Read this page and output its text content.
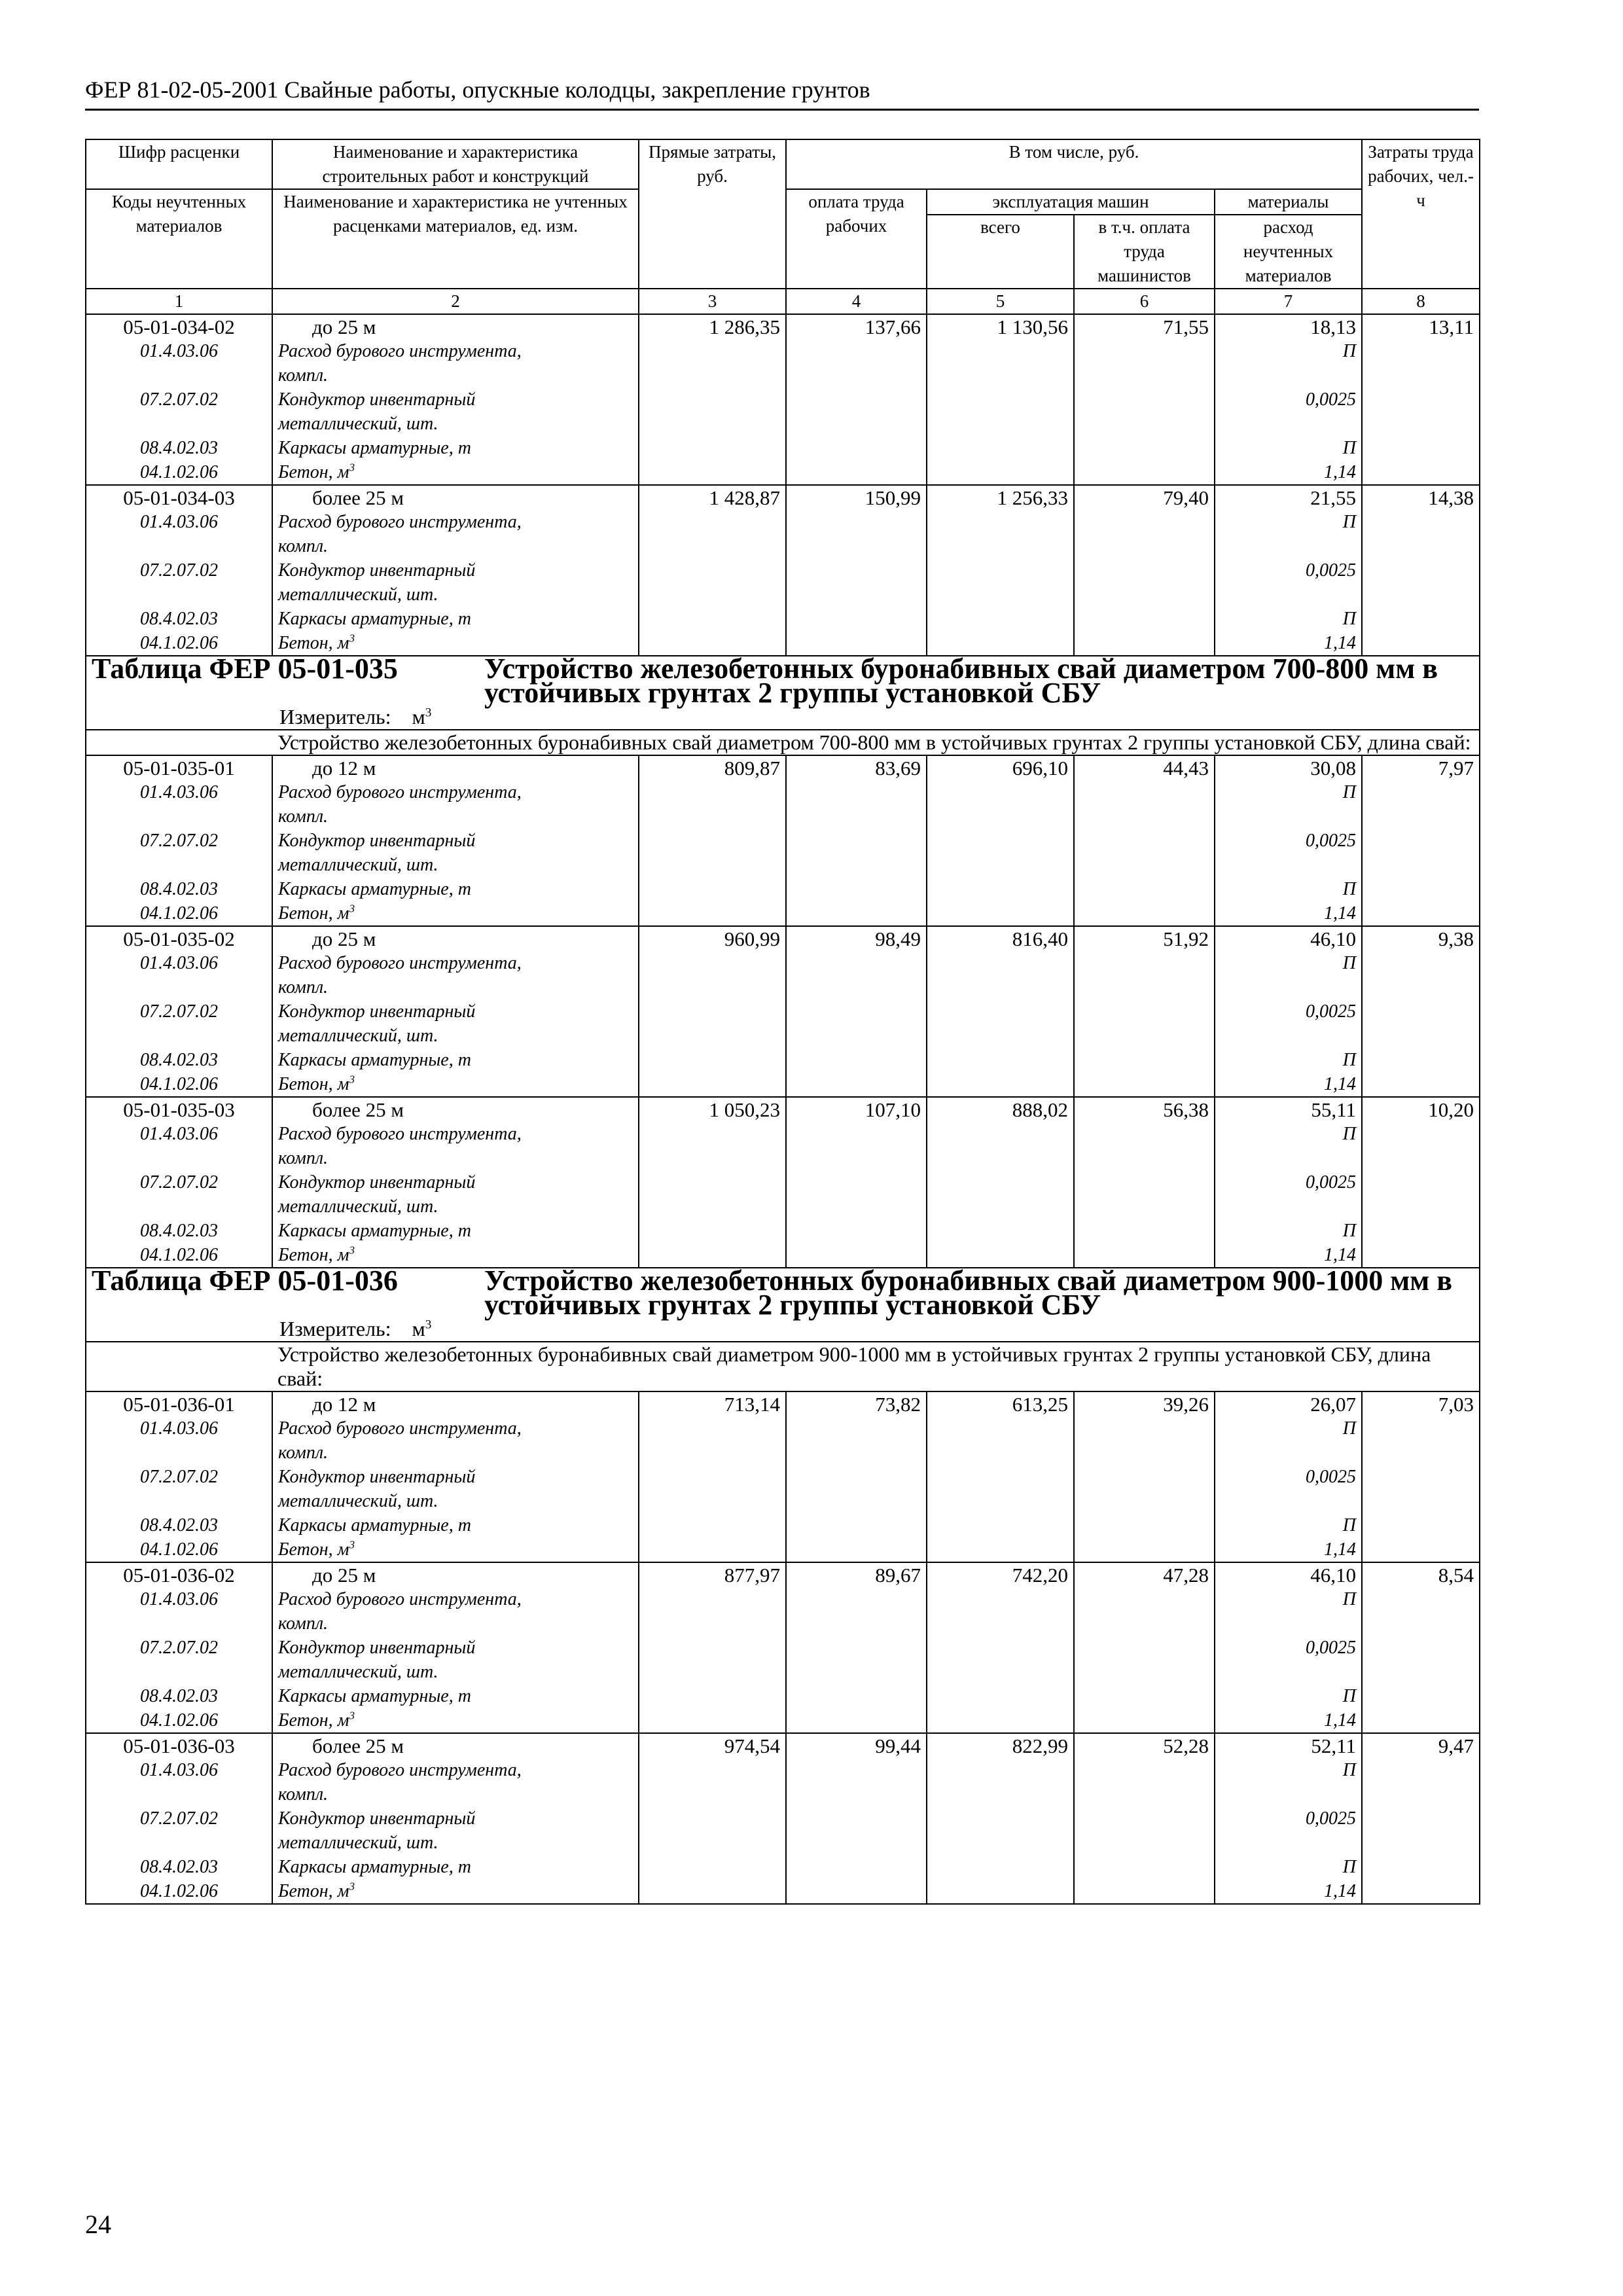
ФЕР 81-02-05-2001 Свайные работы, опускные колодцы, закрепление грунтов
Шифр расценки	Наименование и характеристика строительных работ и конструкций	Прямые затраты, руб.	В том числе, руб.				Затраты труда рабочих, чел.-ч
Коды неучтенных материалов	Наименование и характеристика не учтенных расценками материалов, ед. изм.		оплата труда рабочих	эксплуатация машин		материалы	
				всего	в т.ч. оплата труда машинистов	расход неучтенных материалов	
1	2	3	4	5	6	7	8
05-01-034-02	до 25 м	1 286,35	137,66	1 130,56	71,55	18,13	13,11
01.4.03.06	Расход бурового инструмента,					П	
	компл.						
07.2.07.02	Кондуктор инвентарный					0,0025	
	металлический, шт.						
08.4.02.03	Каркасы арматурные, т					П	
04.1.02.06	Бетон, $м^3$					1,14	
05-01-034-03	более 25 м	1 428,87	150,99	1 256,33	79,40	21,55	14,38
01.4.03.06	Расход бурового инструмента,					П	
	компл.						
07.2.07.02	Кондуктор инвентарный					0,0025	
	металлический, шт.						
08.4.02.03	Каркасы арматурные, т					П	
04.1.02.06	Бетон, $м^3$					1,14	
Таблица ФЕР 05-01-035 Устройство железобетонных буронабивных свай диаметром 700-800 мм в устойчивых грунтах 2 группы установкой СБУ							
Измеритель: $м^3$
	Устройство железобетонных буронабивных свай диаметром 700-800 мм в устойчивых грунтах 2 группы установкой СБУ, длина свай:						
05-01-035-01	до 12 м	809,87	83,69	696,10	44,43	30,08	7,97
01.4.03.06	Расход бурового инструмента,					П	
	компл.						
07.2.07.02	Кондуктор инвентарный					0,0025	
	металлический, шт.						
08.4.02.03	Каркасы арматурные, т					П	
04.1.02.06	Бетон, $м^3$					1,14	
05-01-035-02	до 25 м	960,99	98,49	816,40	51,92	46,10	9,38
01.4.03.06	Расход бурового инструмента,					П	
	компл.						
07.2.07.02	Кондуктор инвентарный					0,0025	
	металлический, шт.						
08.4.02.03	Каркасы арматурные, т					П	
04.1.02.06	Бетон, $м^3$					1,14	
05-01-035-03	более 25 м	1 050,23	107,10	888,02	56,38	55,11	10,20
01.4.03.06	Расход бурового инструмента,					П	
	компл.						
07.2.07.02	Кондуктор инвентарный					0,0025	
	металлический, шт.						
08.4.02.03	Каркасы арматурные, т					П	
04.1.02.06	Бетон, $м^3$					1,14	
Таблица ФЕР 05-01-036 Устройство железобетонных буронабивных свай диаметром 900-1000 мм в устойчивых грунтах 2 группы установкой СБУ							
Измеритель: $м^3$
	Устройство железобетонных буронабивных свай диаметром 900-1000 мм в устойчивых грунтах 2 группы установкой СБУ, длина свай:						
05-01-036-01	до 12 м	713,14	73,82	613,25	39,26	26,07	7,03
01.4.03.06	Расход бурового инструмента,					П	
	компл.						
07.2.07.02	Кондуктор инвентарный					0,0025	
	металлический, шт.						
08.4.02.03	Каркасы арматурные, т					П	
04.1.02.06	Бетон, $м^3$					1,14	
05-01-036-02	до 25 м	877,97	89,67	742,20	47,28	46,10	8,54
01.4.03.06	Расход бурового инструмента,					П	
	компл.						
07.2.07.02	Кондуктор инвентарный					0,0025	
	металлический, шт.						
08.4.02.03	Каркасы арматурные, т					П	
04.1.02.06	Бетон, $м^3$					1,14	
05-01-036-03	более 25 м	974,54	99,44	822,99	52,28	52,11	9,47
01.4.03.06	Расход бурового инструмента,					П	
	компл.						
07.2.07.02	Кондуктор инвентарный					0,0025	
	металлический, шт.						
08.4.02.03	Каркасы арматурные, т					П	
04.1.02.06	Бетон, $м^3$					1,14	
24
